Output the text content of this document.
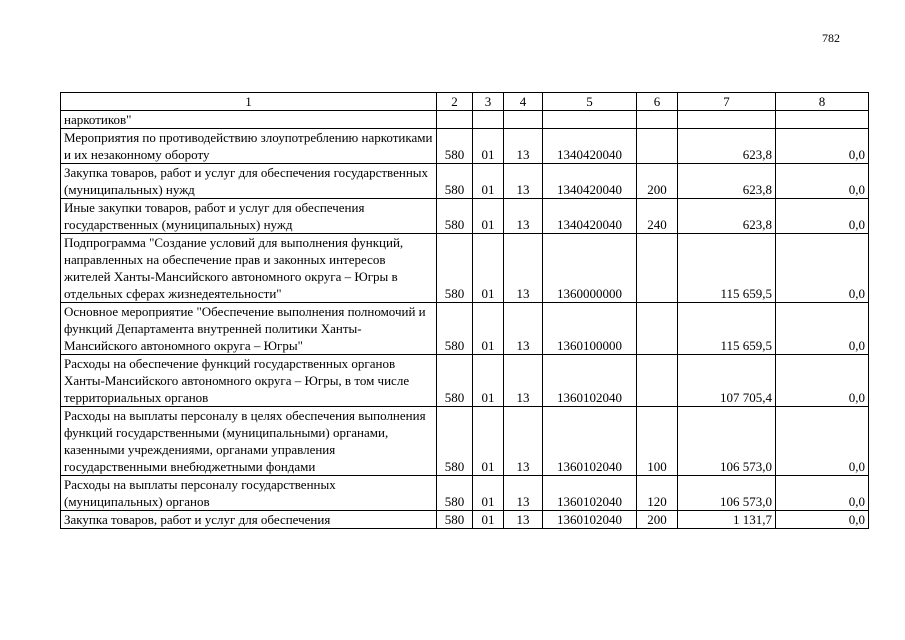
782
1	2	3	4	5	6	7	8
наркотиков"							
Мероприятия по противодействию злоупотреблению наркотиками и их незаконному обороту	580	01	13	1340420040		623,8	0,0
Закупка товаров, работ и услуг для обеспечения государственных (муниципальных) нужд	580	01	13	1340420040	200	623,8	0,0
Иные закупки товаров, работ и услуг для обеспечения государственных (муниципальных) нужд	580	01	13	1340420040	240	623,8	0,0
Подпрограмма "Создание условий для выполнения функций, направленных на обеспечение прав и законных интересов жителей Ханты-Мансийского автономного округа – Югры в отдельных сферах жизнедеятельности"	580	01	13	1360000000		115 659,5	0,0
Основное мероприятие "Обеспечение выполнения полномочий и функций Департамента внутренней политики Ханты-Мансийского автономного округа – Югры"	580	01	13	1360100000		115 659,5	0,0
Расходы на обеспечение функций государственных органов Ханты-Мансийского автономного округа – Югры, в том числе территориальных органов	580	01	13	1360102040		107 705,4	0,0
Расходы на выплаты персоналу в целях обеспечения выполнения функций государственными (муниципальными) органами, казенными учреждениями, органами управления государственными внебюджетными фондами	580	01	13	1360102040	100	106 573,0	0,0
Расходы на выплаты персоналу государственных (муниципальных) органов	580	01	13	1360102040	120	106 573,0	0,0
Закупка товаров, работ и услуг для обеспечения	580	01	13	1360102040	200	1 131,7	0,0
